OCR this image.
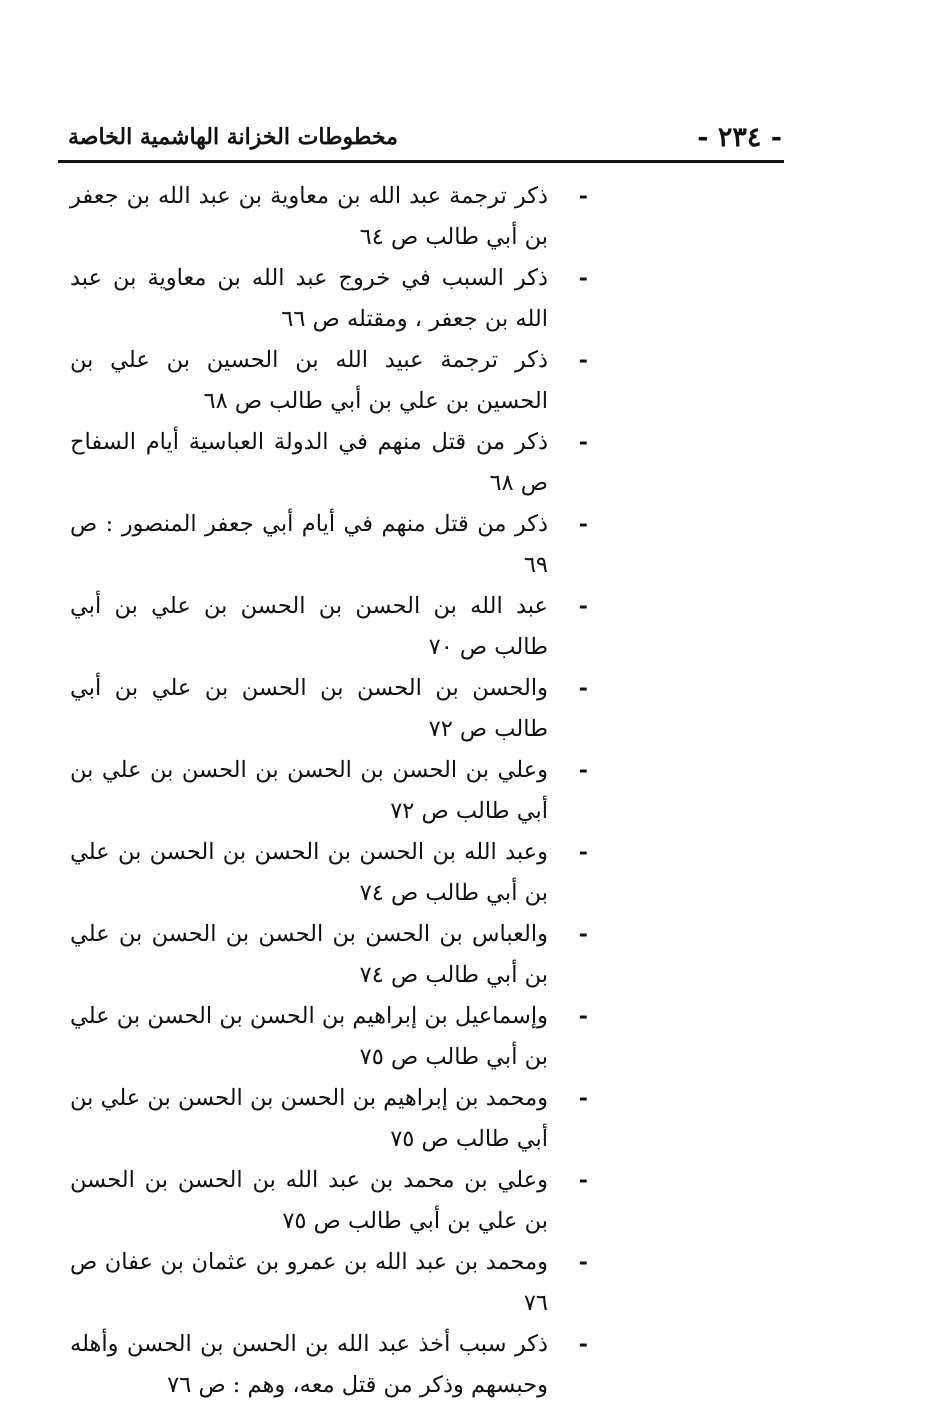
- ٢٣٤ -
مخطوطات الخزانة الهاشمية الخاصة
-
ذكر ترجمة عبد الله بن معاوية بن عبد الله بن جعفر بن أبي طالب ص ٦٤
-
ذكر السبب في خروج عبد الله بن معاوية بن عبد الله بن جعفر ، ومقتله ص ٦٦
-
ذكر ترجمة عبيد الله بن الحسين بن علي بن الحسين بن علي بن أبي طالب ص ٦٨
-
ذكر من قتل منهم في الدولة العباسية أيام السفاح ص ٦٨
-
ذكر من قتل منهم في أيام أبي جعفر المنصور : ص ٦٩
-
عبد الله بن الحسن بن الحسن بن علي بن أبي طالب ص ٧٠
-
والحسن بن الحسن بن الحسن بن علي بن أبي طالب ص ٧٢
-
وعلي بن الحسن بن الحسن بن الحسن بن علي بن أبي طالب ص ٧٢
-
وعبد الله بن الحسن بن الحسن بن الحسن بن علي بن أبي طالب ص ٧٤
-
والعباس بن الحسن بن الحسن بن الحسن بن علي بن أبي طالب ص ٧٤
-
وإسماعيل بن إبراهيم بن الحسن بن الحسن بن علي بن أبي طالب ص ٧٥
-
ومحمد بن إبراهيم بن الحسن بن الحسن بن علي بن أبي طالب ص ٧٥
-
وعلي بن محمد بن عبد الله بن الحسن بن الحسن بن علي بن أبي طالب ص ٧٥
-
ومحمد بن عبد الله بن عمرو بن عثمان بن عفان ص ٧٦
-
ذكر سبب أخذ عبد الله بن الحسن بن الحسن وأهله وحبسهم وذكر من قتل معه، وهم : ص ٧٦
